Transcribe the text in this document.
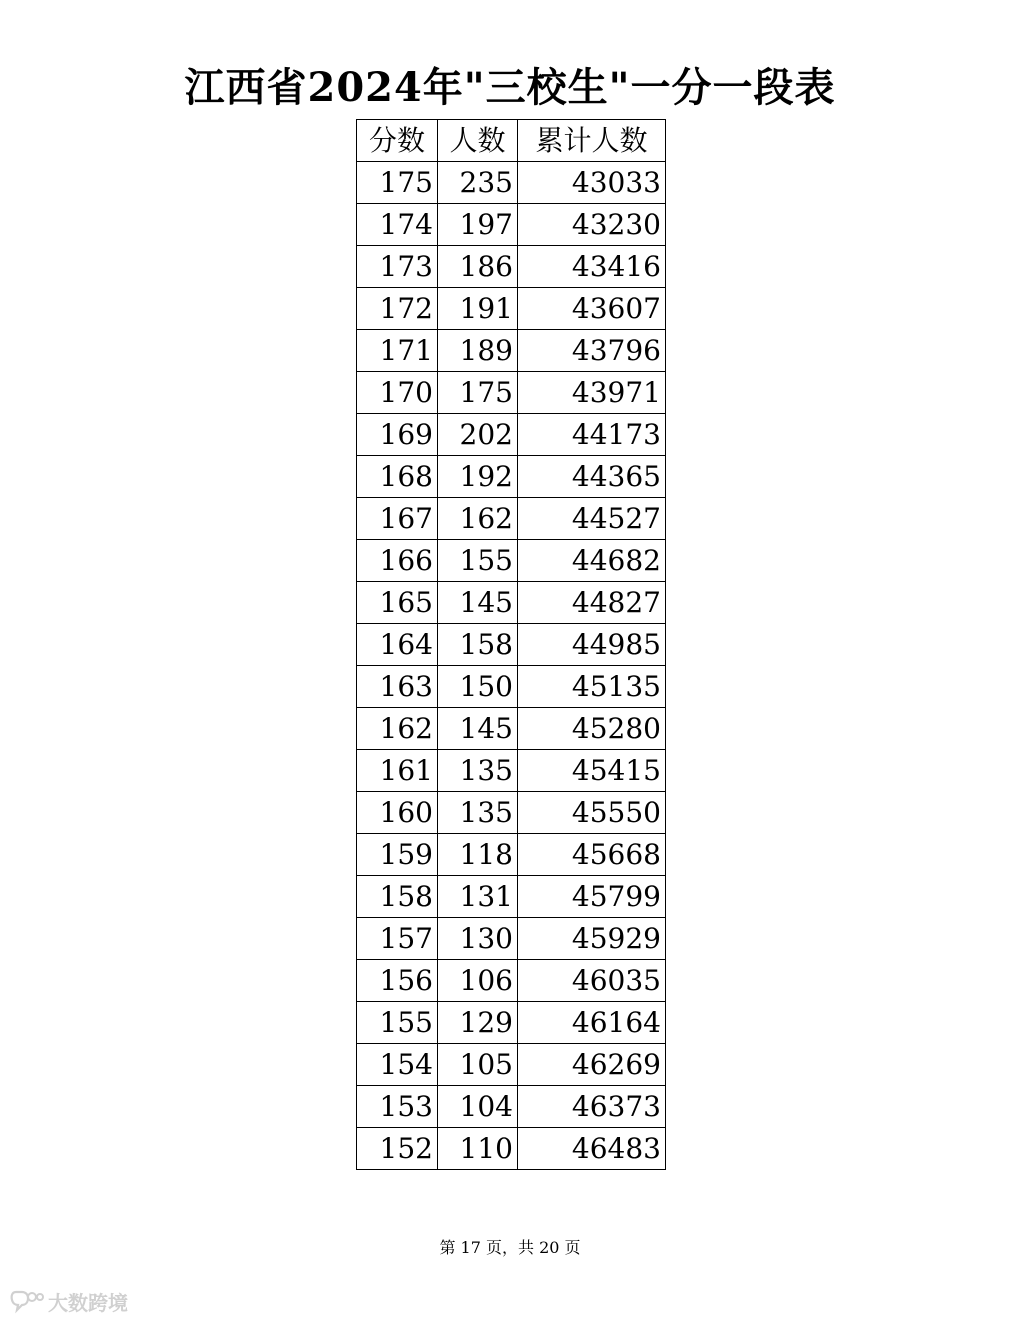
江西省2024年"三校生"一分一段表
分数	人数	累计人数
175	235	43033
174	197	43230
173	186	43416
172	191	43607
171	189	43796
170	175	43971
169	202	44173
168	192	44365
167	162	44527
166	155	44682
165	145	44827
164	158	44985
163	150	45135
162	145	45280
161	135	45415
160	135	45550
159	118	45668
158	131	45799
157	130	45929
156	106	46035
155	129	46164
154	105	46269
153	104	46373
152	110	46483
第 17 页，共 20 页
大数跨境
